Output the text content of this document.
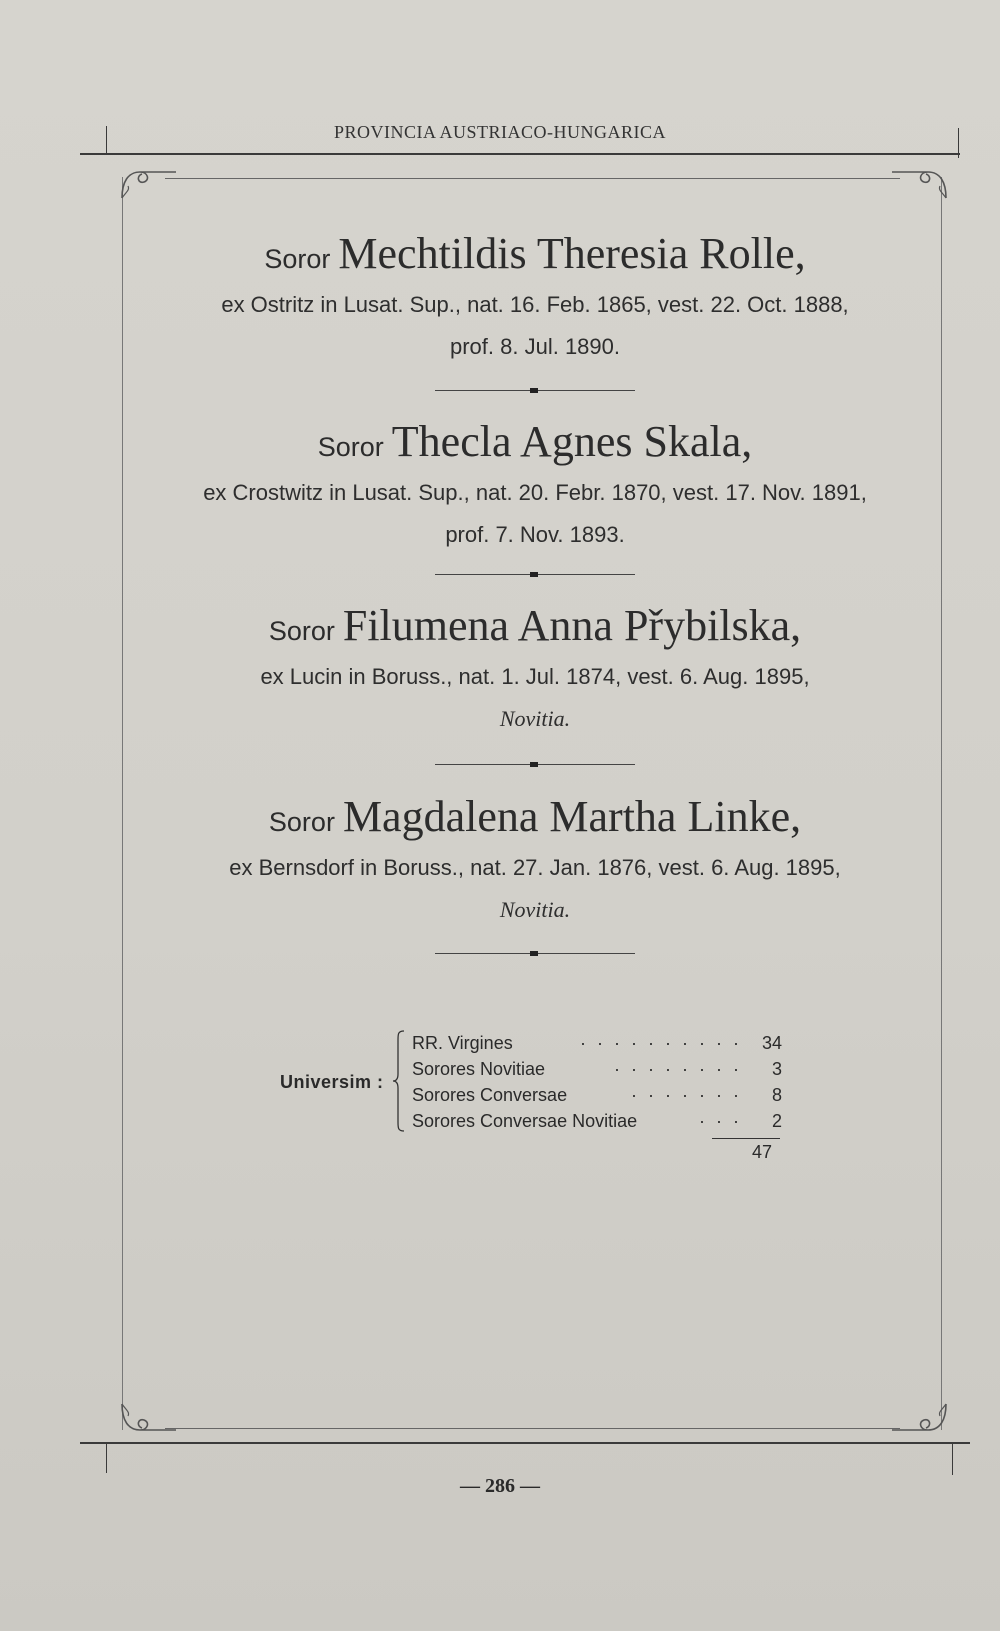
PROVINCIA AUSTRIACO-HUNGARICA
Soror Mechtildis Theresia Rolle,
ex Ostritz in Lusat. Sup., nat. 16. Feb. 1865, vest. 22. Oct. 1888,
prof. 8. Jul. 1890.
Soror Thecla Agnes Skala,
ex Crostwitz in Lusat. Sup., nat. 20. Febr. 1870, vest. 17. Nov. 1891,
prof. 7. Nov. 1893.
Soror Filumena Anna Přybilska,
ex Lucin in Boruss., nat. 1. Jul. 1874, vest. 6. Aug. 1895,
Novitia.
Soror Magdalena Martha Linke,
ex Bernsdorf in Boruss., nat. 27. Jan. 1876, vest. 6. Aug. 1895,
Novitia.
Universim :
RR. Virgines	· · · · · · · · · ·	34
Sorores Novitiae	· · · · · · · ·	3
Sorores Conversae	· · · · · · ·	8
Sorores Conversae Novitiae	· · ·	2
47
— 286 —
